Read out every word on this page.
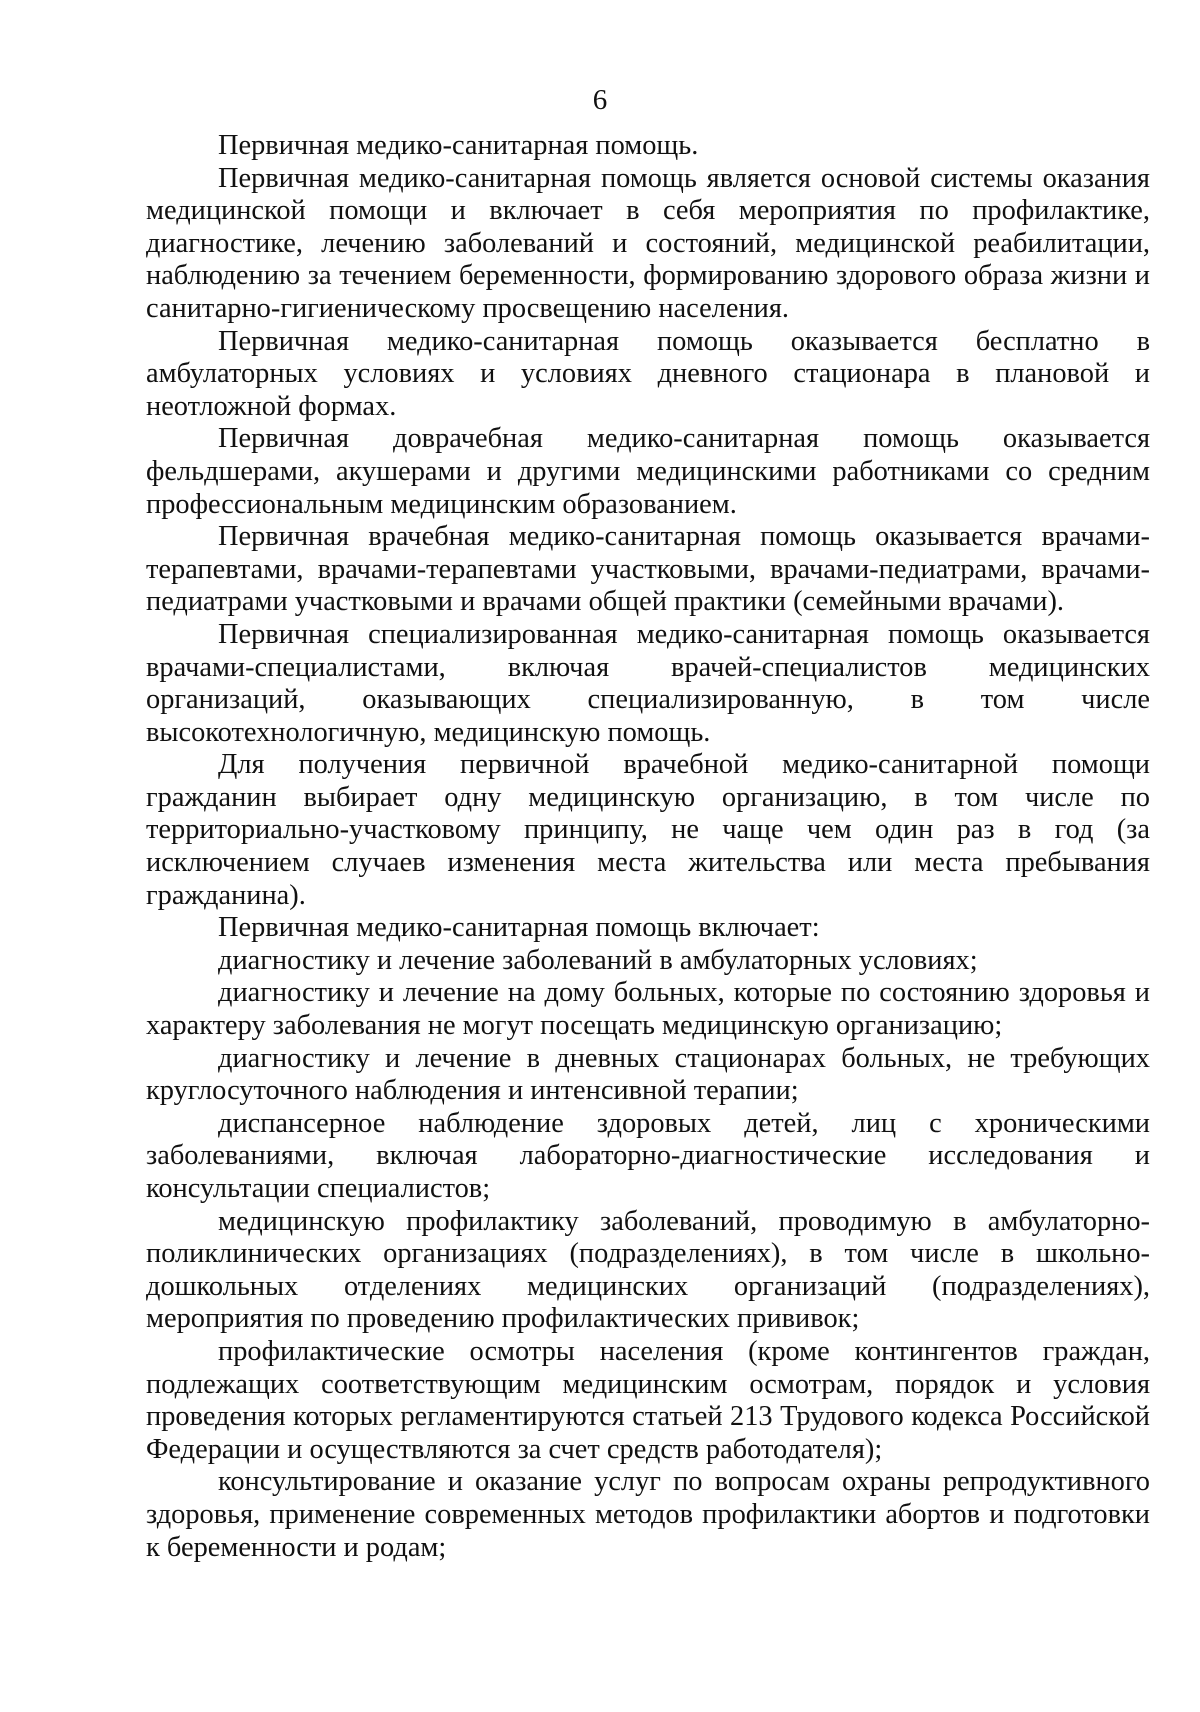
6

Первичная медико-санитарная помощь.

Первичная медико-санитарная помощь является основой системы оказания медицинской помощи и включает в себя мероприятия по профилактике, диагностике, лечению заболеваний и состояний, медицинской реабилитации, наблюдению за течением беременности, формированию здорового образа жизни и санитарно-гигиеническому просвещению населения.

Первичная медико-санитарная помощь оказывается бесплатно в амбулаторных условиях и условиях дневного стационара в плановой и неотложной формах.

Первичная доврачебная медико-санитарная помощь оказывается фельдшерами, акушерами и другими медицинскими работниками со средним профессиональным медицинским образованием.

Первичная врачебная медико-санитарная помощь оказывается врачами-терапевтами, врачами-терапевтами участковыми, врачами-педиатрами, врачами-педиатрами участковыми и врачами общей практики (семейными врачами).

Первичная специализированная медико-санитарная помощь оказывается врачами-специалистами, включая врачей-специалистов медицинских организаций, оказывающих специализированную, в том числе высокотехнологичную, медицинскую помощь.

Для получения первичной врачебной медико-санитарной помощи гражданин выбирает одну медицинскую организацию, в том числе по территориально-участковому принципу, не чаще чем один раз в год (за исключением случаев изменения места жительства или места пребывания гражданина).

Первичная медико-санитарная помощь включает:

диагностику и лечение заболеваний в амбулаторных условиях;

диагностику и лечение на дому больных, которые по состоянию здоровья и характеру заболевания не могут посещать медицинскую организацию;

диагностику и лечение в дневных стационарах больных, не требующих круглосуточного наблюдения и интенсивной терапии;

диспансерное наблюдение здоровых детей, лиц с хроническими заболеваниями, включая лабораторно-диагностические исследования и консультации специалистов;

медицинскую профилактику заболеваний, проводимую в амбулаторно-поликлинических организациях (подразделениях), в том числе в школьно-дошкольных отделениях медицинских организаций (подразделениях), мероприятия по проведению профилактических прививок;

профилактические осмотры населения (кроме контингентов граждан, подлежащих соответствующим медицинским осмотрам, порядок и условия проведения которых регламентируются статьей 213 Трудового кодекса Российской Федерации и осуществляются за счет средств работодателя);

консультирование и оказание услуг по вопросам охраны репродуктивного здоровья, применение современных методов профилактики абортов и подготовки к беременности и родам;
